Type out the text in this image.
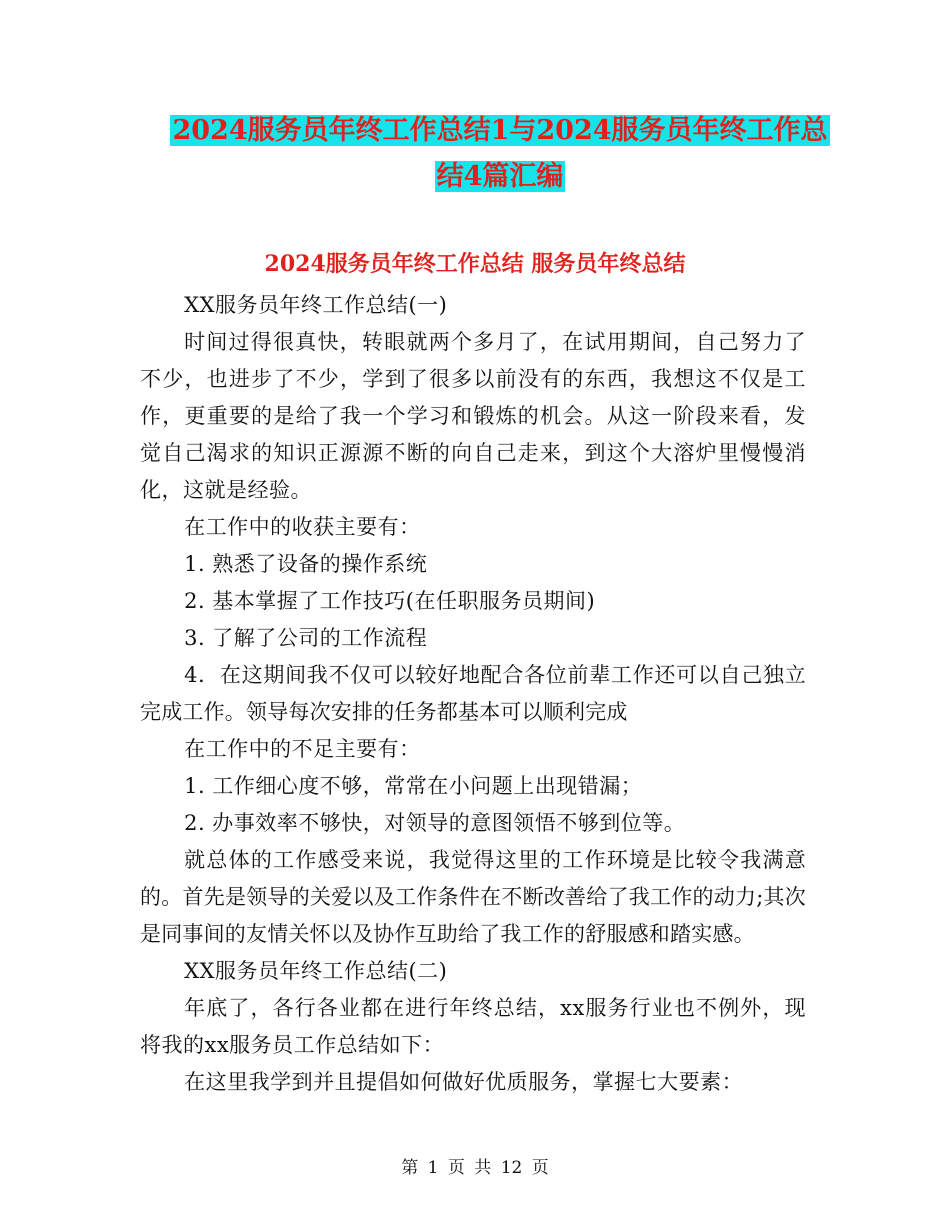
2024服务员年终工作总结1与2024服务员年终工作总
结4篇汇编
2024服务员年终工作总结 服务员年终总结

XX服务员年终工作总结(一)

时间过得很真快，转眼就两个多月了，在试用期间，自己努力了不少，也进步了不少，学到了很多以前没有的东西，我想这不仅是工作，更重要的是给了我一个学习和锻炼的机会。从这一阶段来看，发觉自己渴求的知识正源源不断的向自己走来，到这个大溶炉里慢慢消化，这就是经验。

在工作中的收获主要有：

1. 熟悉了设备的操作系统

2. 基本掌握了工作技巧(在任职服务员期间)

3. 了解了公司的工作流程

4．在这期间我不仅可以较好地配合各位前辈工作还可以自己独立完成工作。领导每次安排的任务都基本可以顺利完成

在工作中的不足主要有：

1. 工作细心度不够，常常在小问题上出现错漏；

2. 办事效率不够快，对领导的意图领悟不够到位等。

就总体的工作感受来说，我觉得这里的工作环境是比较令我满意的。首先是领导的关爱以及工作条件在不断改善给了我工作的动力;其次是同事间的友情关怀以及协作互助给了我工作的舒服感和踏实感。

XX服务员年终工作总结(二)

年底了，各行各业都在进行年终总结，xx服务行业也不例外，现将我的xx服务员工作总结如下：

在这里我学到并且提倡如何做好优质服务，掌握七大要素：

第 1 页 共 12 页
